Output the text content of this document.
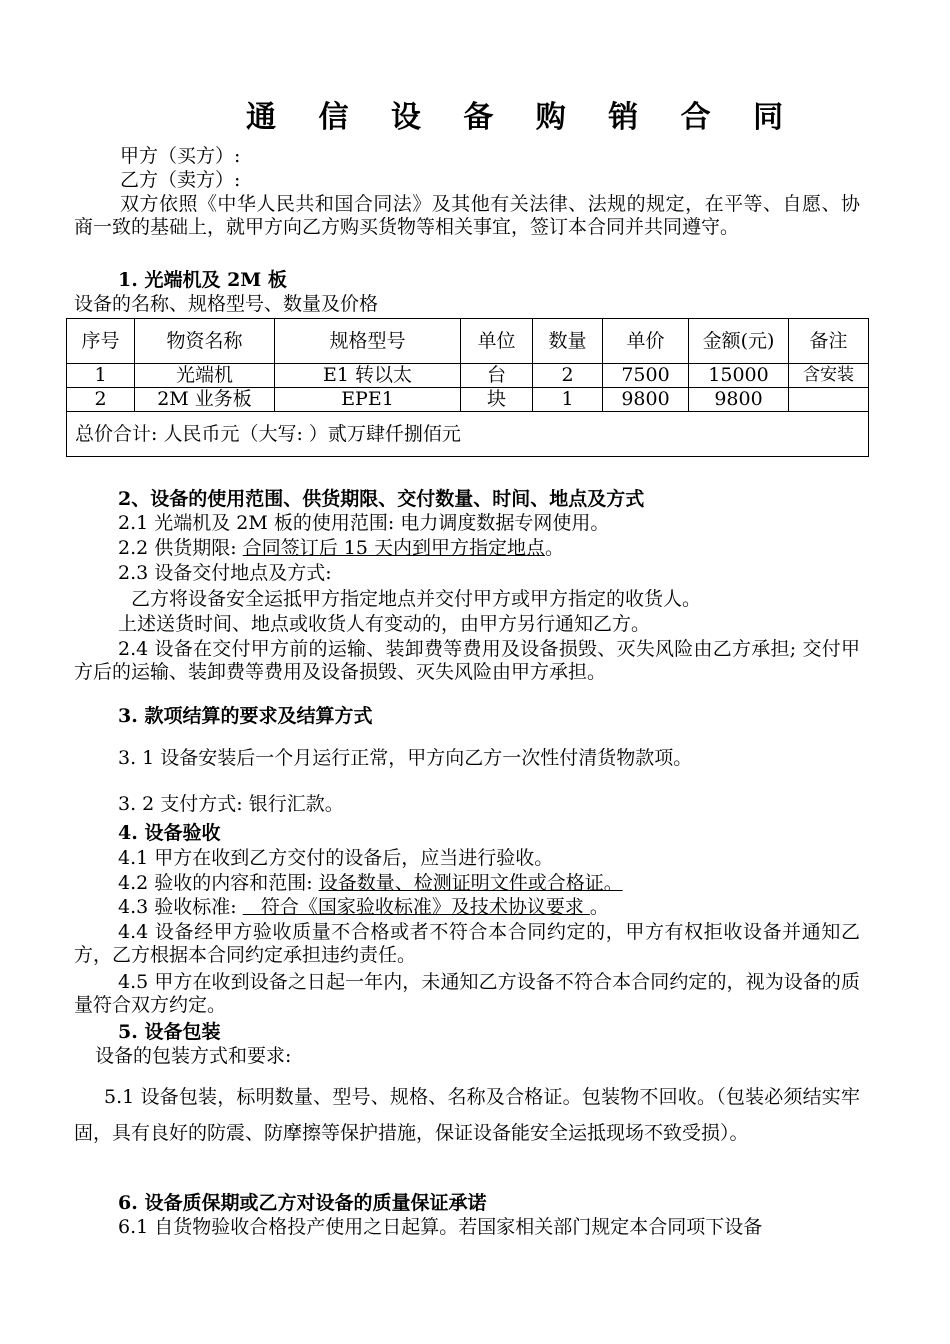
通 信 设 备 购 销 合 同
甲方（买方）:
乙方（卖方）:
双方依照《中华人民共和国合同法》及其他有关法律、法规的规定，在平等、自愿、协商一致的基础上，就甲方向乙方购买货物等相关事宜，签订本合同并共同遵守。
1. 光端机及 2M 板
设备的名称、规格型号、数量及价格
序号	物资名称	规格型号	单位	数量	单价	金额(元)	备注
1	光端机	E1 转以太	台	2	7500	15000	含安装
2	2M 业务板	EPE1	块	1	9800	9800	
总价合计: 人民币元（大写: ）贰万肆仟捌佰元							
2、设备的使用范围、供货期限、交付数量、时间、地点及方式
2.1 光端机及 2M 板的使用范围: 电力调度数据专网使用。
2.2 供货期限: 合同签订后 15 天内到甲方指定地点。
2.3 设备交付地点及方式:
乙方将设备安全运抵甲方指定地点并交付甲方或甲方指定的收货人。
上述送货时间、地点或收货人有变动的，由甲方另行通知乙方。
2.4 设备在交付甲方前的运输、装卸费等费用及设备损毁、灭失风险由乙方承担; 交付甲方后的运输、装卸费等费用及设备损毁、灭失风险由甲方承担。
3. 款项结算的要求及结算方式
3. 1 设备安装后一个月运行正常，甲方向乙方一次性付清货物款项。
3. 2 支付方式: 银行汇款。
4. 设备验收
4.1 甲方在收到乙方交付的设备后，应当进行验收。
4.2 验收的内容和范围: 设备数量、检测证明文件或合格证。
4.3 验收标准:    符合《国家验收标准》及技术协议要求 。
4.4 设备经甲方验收质量不合格或者不符合本合同约定的，甲方有权拒收设备并通知乙方，乙方根据本合同约定承担违约责任。
4.5 甲方在收到设备之日起一年内，未通知乙方设备不符合本合同约定的，视为设备的质量符合双方约定。
5. 设备包装
设备的包装方式和要求:
5.1 设备包装，标明数量、型号、规格、名称及合格证。包装物不回收。（包装必须结实牢固，具有良好的防震、防摩擦等保护措施，保证设备能安全运抵现场不致受损）。
6. 设备质保期或乙方对设备的质量保证承诺
6.1 自货物验收合格投产使用之日起算。若国家相关部门规定本合同项下设备
